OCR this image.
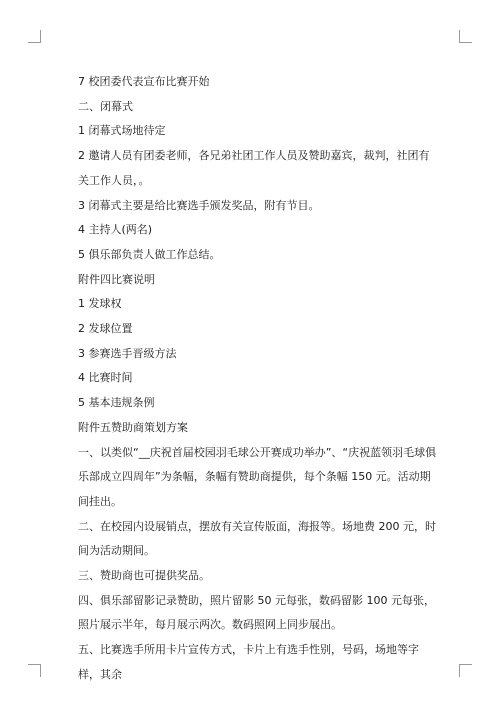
7 校团委代表宣布比赛开始

二、闭幕式

1 闭幕式场地待定

2 邀请人员有团委老师，各兄弟社团工作人员及赞助嘉宾，裁判，社团有关工作人员，。

3 闭幕式主要是给比赛选手颁发奖品，附有节目。

4 主持人(两名)

5 俱乐部负责人做工作总结。

附件四比赛说明

1 发球权

2 发球位置

3 参赛选手晋级方法

4 比赛时间

5 基本违规条例

附件五赞助商策划方案

一、以类似“__庆祝首届校园羽毛球公开赛成功举办”、“庆祝蓝领羽毛球俱乐部成立四周年”为条幅，条幅有赞助商提供，每个条幅 150 元。活动期间挂出。

二、在校园内设展销点，摆放有关宣传版面，海报等。场地费 200 元，时间为活动期间。

三、赞助商也可提供奖品。

四、俱乐部留影记录赞助，照片留影 50 元每张，数码留影 100 元每张，照片展示半年，每月展示两次。数码照网上同步展出。

五、比赛选手所用卡片宣传方式，卡片上有选手性别，号码，场地等字样，其余
